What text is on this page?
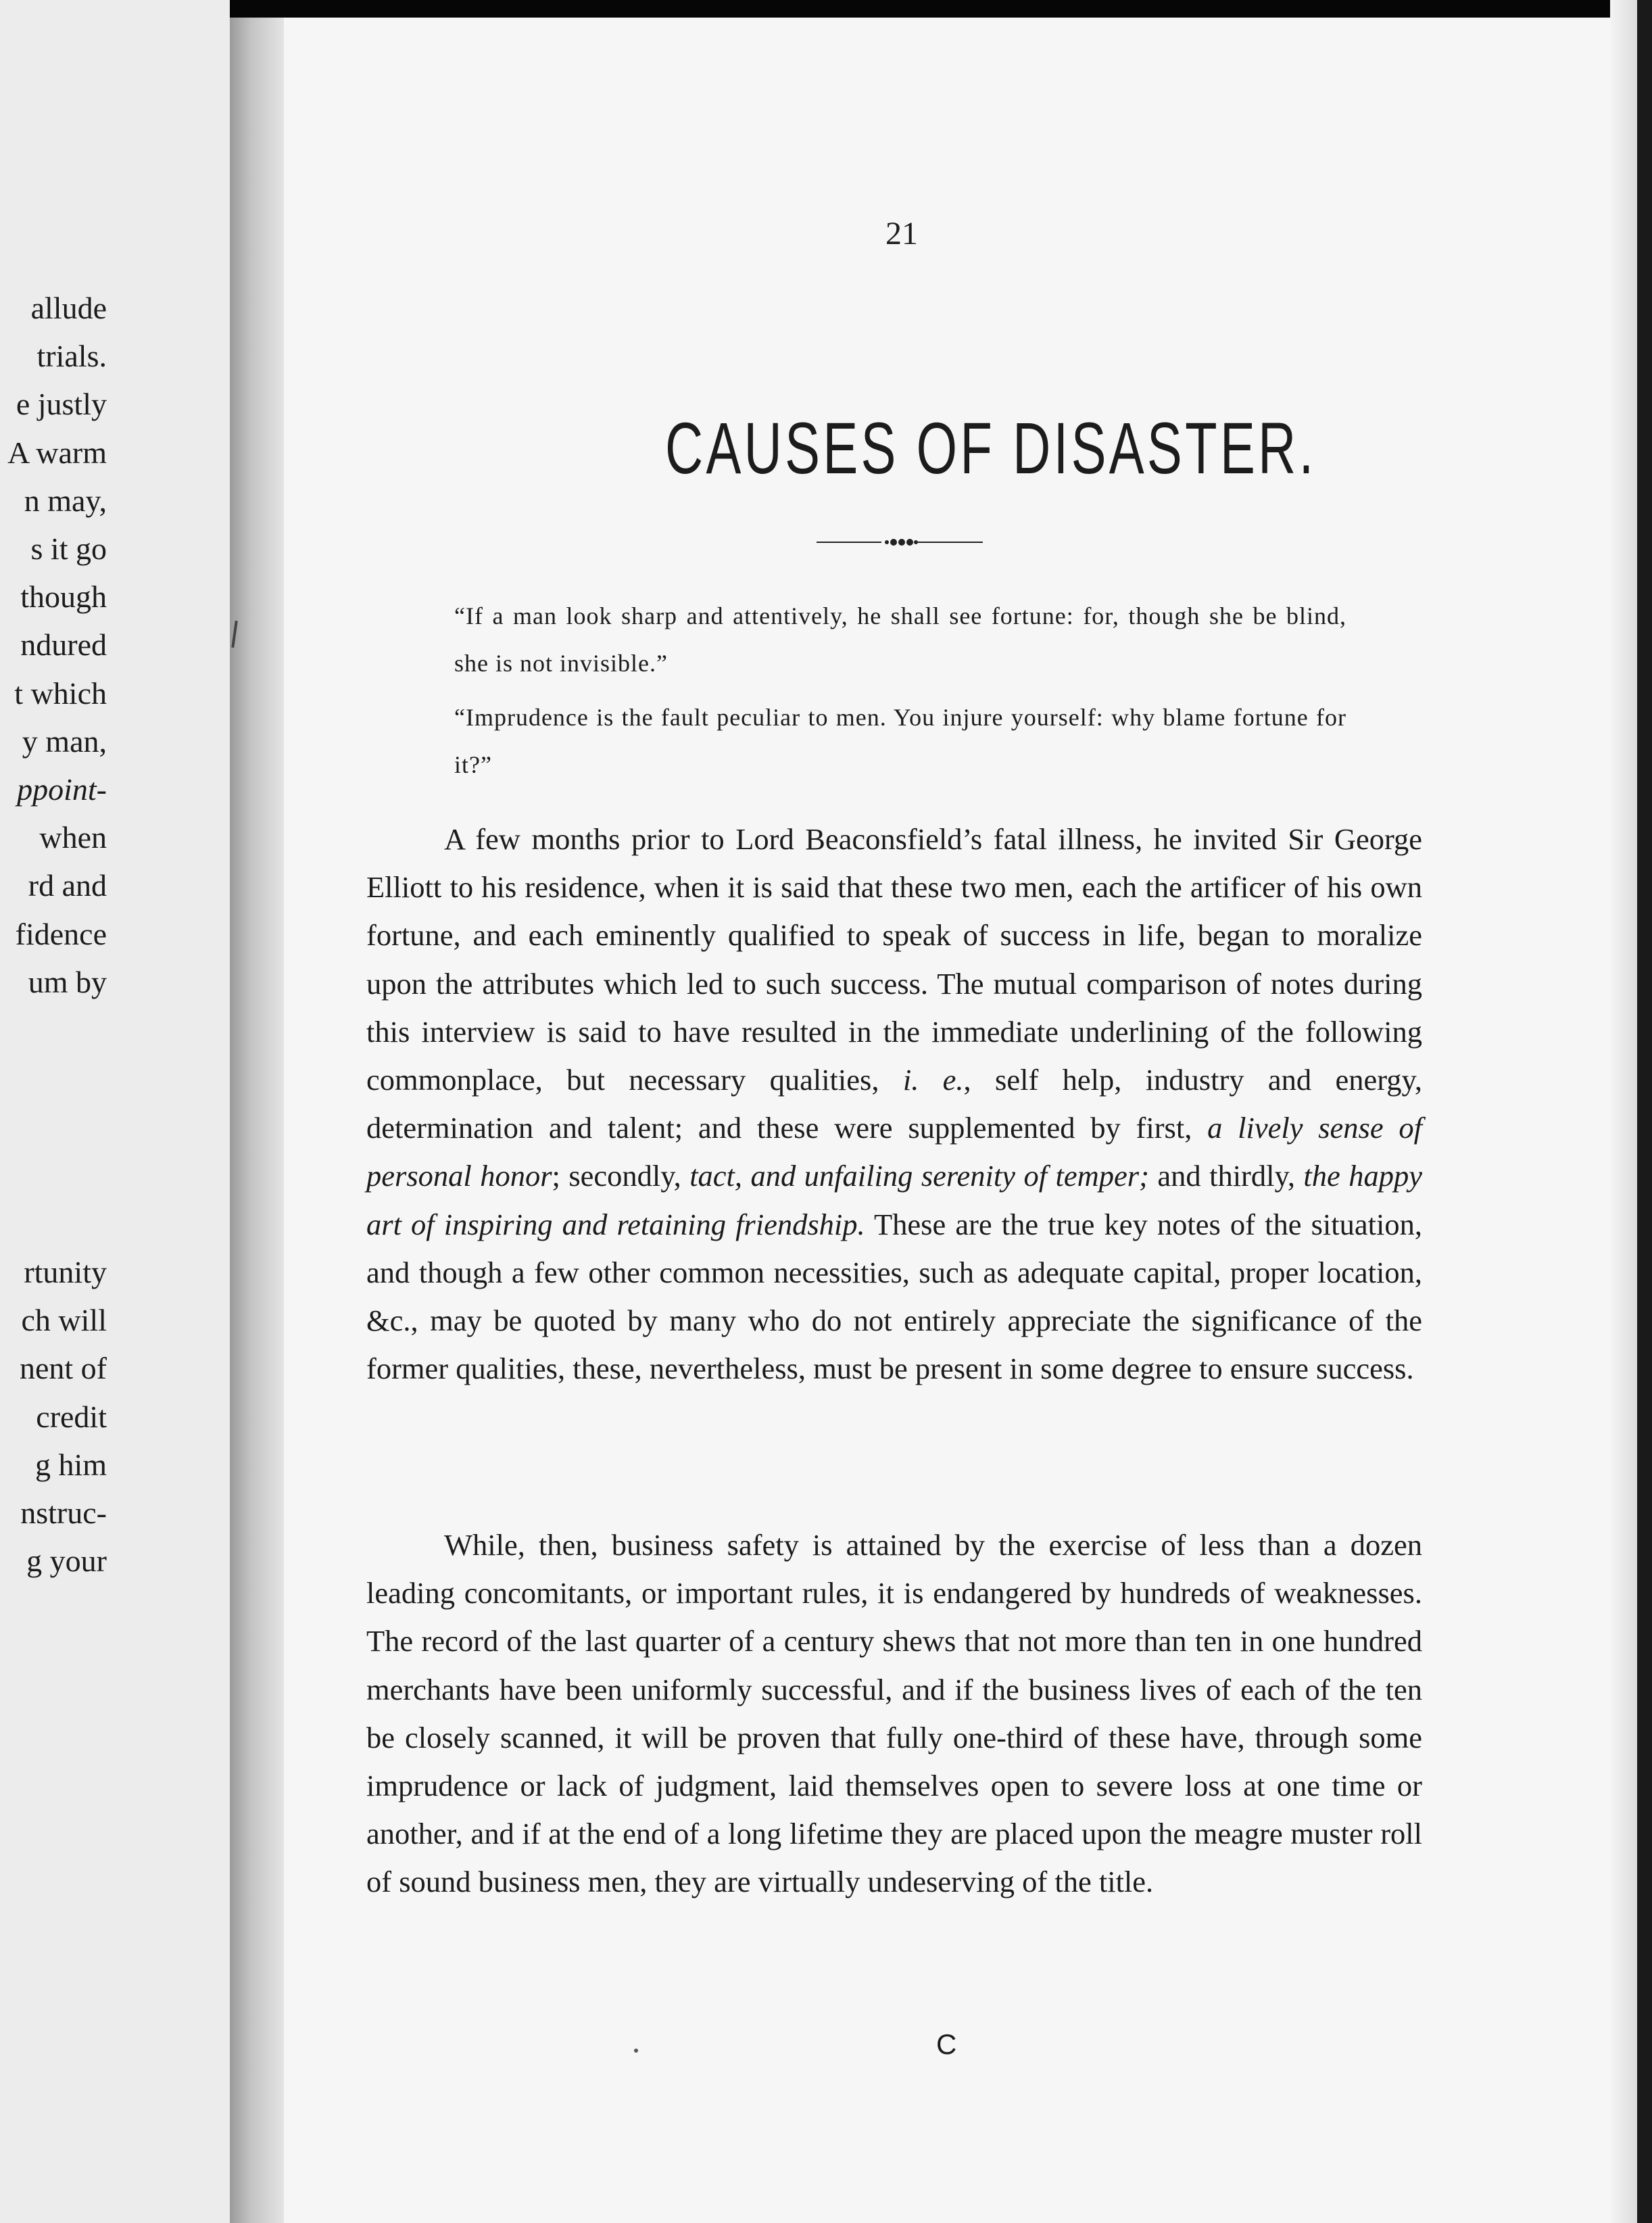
allude
trials.
e justly
A warm
n may,
s it go
though
ndured
t which
y man,
ppoint-
when
rd and
fidence
um by
rtunity
ch will
nent of
credit
g him
nstruc-
g your
21
CAUSES OF DISASTER.
“If a man look sharp and attentively, he shall see fortune: for, though she be blind, she is not invisible.”
“Imprudence is the fault peculiar to men. You injure yourself: why blame fortune for it?”

A few months prior to Lord Beaconsfield’s fatal illness, he invited Sir George Elliott to his residence, when it is said that these two men, each the artificer of his own fortune, and each eminently qualified to speak of success in life, began to moralize upon the attributes which led to such success. The mutual comparison of notes during this interview is said to have resulted in the immediate underlining of the following commonplace, but necessary qualities, i. e., self help, industry and energy, determination and talent; and these were supplemented by first, a lively sense of personal honor; secondly, tact, and unfailing serenity of temper; and thirdly, the happy art of inspiring and retaining friendship. These are the true key notes of the situation, and though a few other common necessities, such as adequate capital, proper location, &c., may be quoted by many who do not entirely appreciate the significance of the former qualities, these, nevertheless, must be present in some degree to ensure success.

While, then, business safety is attained by the exercise of less than a dozen leading concomitants, or important rules, it is endangered by hundreds of weaknesses. The record of the last quarter of a century shews that not more than ten in one hundred merchants have been uniformly successful, and if the business lives of each of the ten be closely scanned, it will be proven that fully one-third of these have, through some imprudence or lack of judgment, laid themselves open to severe loss at one time or another, and if at the end of a long lifetime they are placed upon the meagre muster roll of sound business men, they are virtually undeserving of the title.

C
